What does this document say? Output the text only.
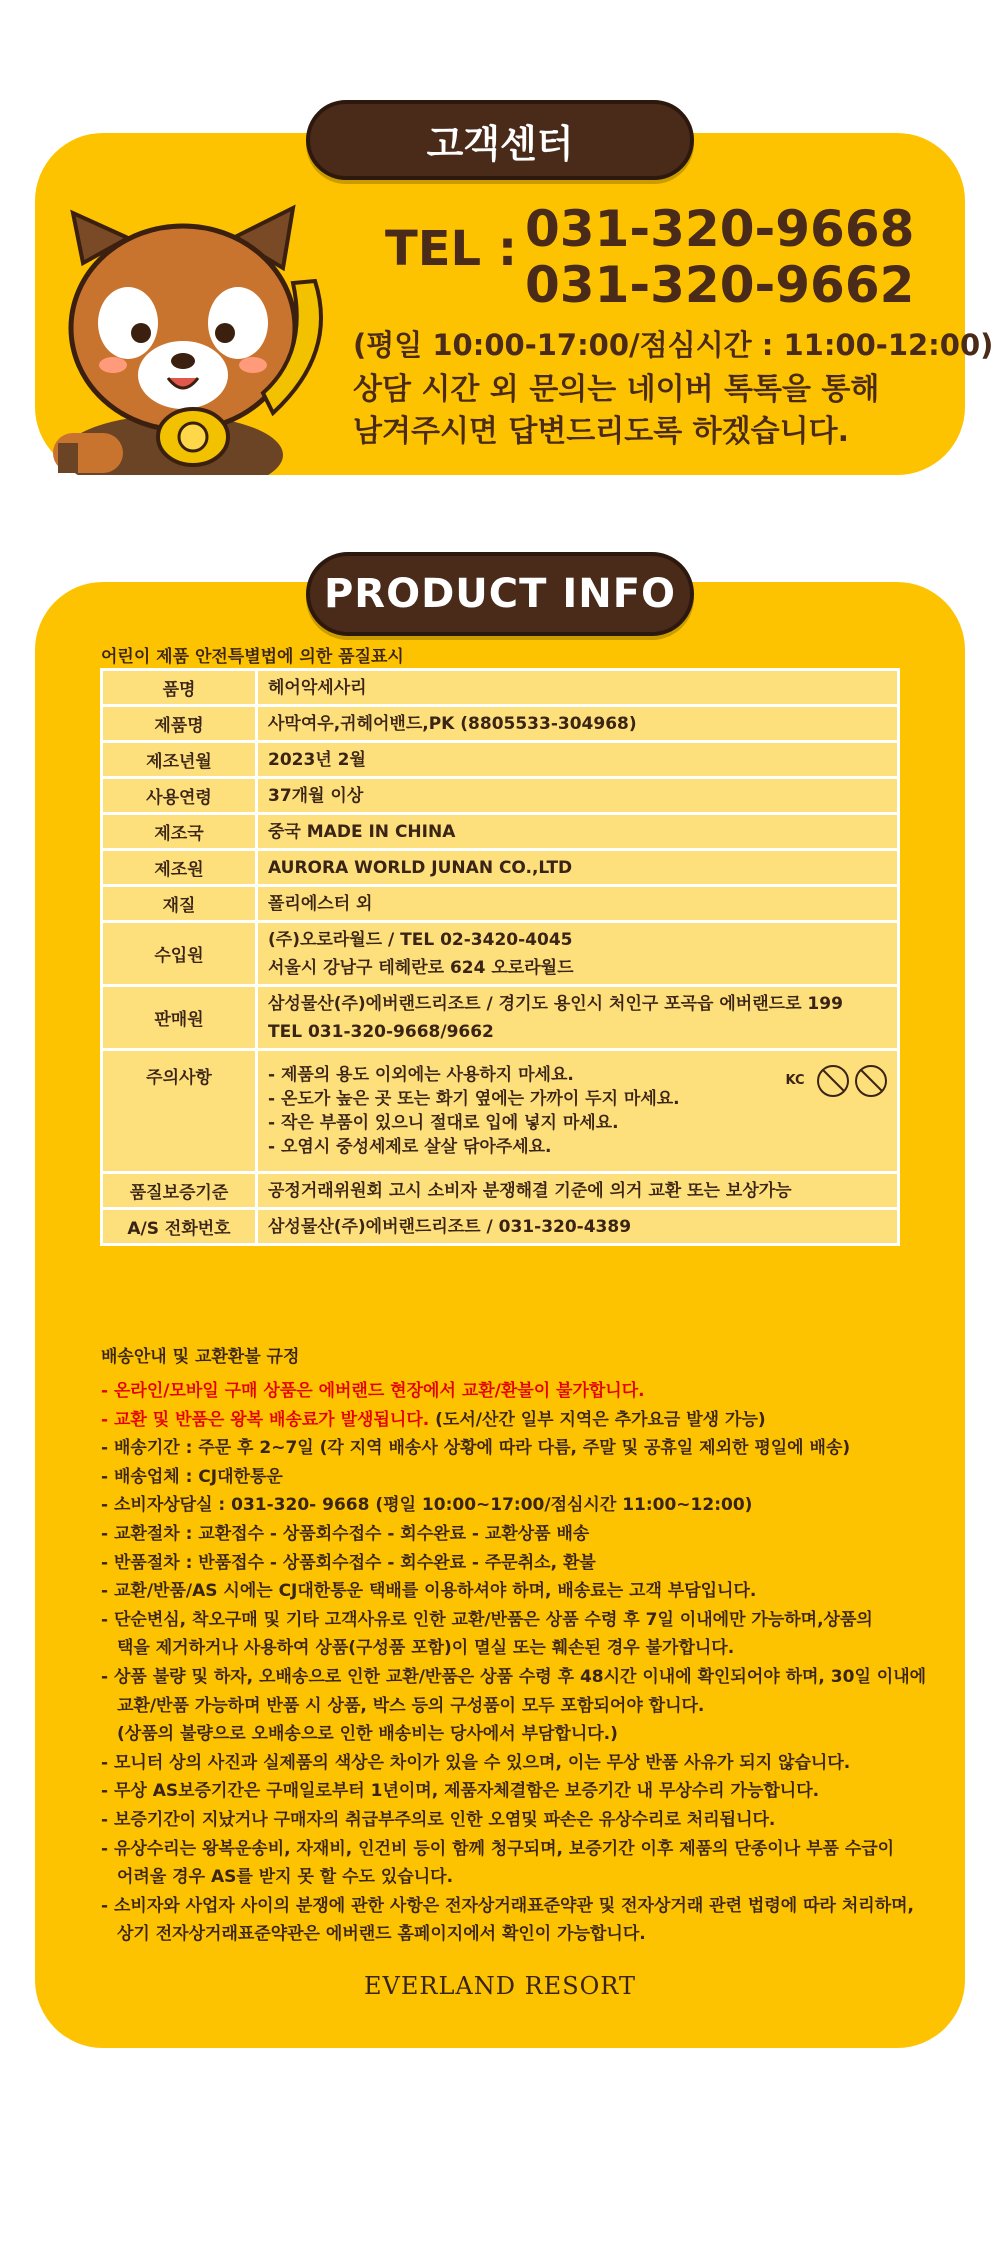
고객센터
TEL : 031-320-9668
031-320-9662
(평일 10:00-17:00/점심시간 : 11:00-12:00)
상담 시간 외 문의는 네이버 톡톡을 통해
남겨주시면 답변드리도록 하겠습니다.
PRODUCT INFO
어린이 제품 안전특별법에 의한 품질표시
품명	헤어악세사리

제품명	사막여우,귀헤어밴드,PK (8805533-304968)

제조년월	2023년 2월

사용연령	37개월 이상

제조국	중국 MADE IN CHINA

제조원	AURORA WORLD JUNAN CO.,LTD

재질	폴리에스터 외

수입원	(주)오로라월드 / TEL 02-3420-4045
서울시 강남구 테헤란로 624 오로라월드

판매원	삼성물산(주)에버랜드리조트 / 경기도 용인시 처인구 포곡읍 에버랜드로 199
TEL 031-320-9668/9662

주의사항	- 제품의 용도 이외에는 사용하지 마세요.
- 온도가 높은 곳 또는 화기 옆에는 가까이 두지 마세요.
- 작은 부품이 있으니 절대로 입에 넣지 마세요.
- 오염시 중성세제로 살살 닦아주세요.
KC

품질보증기준	공정거래위원회 고시 소비자 분쟁해결 기준에 의거 교환 또는 보상가능

A/S 전화번호	삼성물산(주)에버랜드리조트 / 031-320-4389
배송안내 및 교환환불 규정
- 온라인/모바일 구매 상품은 에버랜드 현장에서 교환/환불이 불가합니다.
- 교환 및 반품은 왕복 배송료가 발생됩니다. (도서/산간 일부 지역은 추가요금 발생 가능)
- 배송기간 : 주문 후 2~7일 (각 지역 배송사 상황에 따라 다름, 주말 및 공휴일 제외한 평일에 배송)
- 배송업체 : CJ대한통운
- 소비자상담실 : 031-320- 9668 (평일 10:00~17:00/점심시간 11:00~12:00)
- 교환절차 : 교환접수 - 상품회수접수 - 회수완료 - 교환상품 배송
- 반품절차 : 반품접수 - 상품회수접수 - 회수완료 - 주문취소, 환불
- 교환/반품/AS 시에는 CJ대한통운 택배를 이용하셔야 하며, 배송료는 고객 부담입니다.
- 단순변심, 착오구매 및 기타 고객사유로 인한 교환/반품은 상품 수령 후 7일 이내에만 가능하며,상품의
택을 제거하거나 사용하여 상품(구성품 포함)이 멸실 또는 훼손된 경우 불가합니다.
- 상품 불량 및 하자, 오배송으로 인한 교환/반품은 상품 수령 후 48시간 이내에 확인되어야 하며, 30일 이내에
교환/반품 가능하며 반품 시 상품, 박스 등의 구성품이 모두 포함되어야 합니다.
(상품의 불량으로 오배송으로 인한 배송비는 당사에서 부담합니다.)
- 모니터 상의 사진과 실제품의 색상은 차이가 있을 수 있으며, 이는 무상 반품 사유가 되지 않습니다.
- 무상 AS보증기간은 구매일로부터 1년이며, 제품자체결함은 보증기간 내 무상수리 가능합니다.
- 보증기간이 지났거나 구매자의 취급부주의로 인한 오염및 파손은 유상수리로 처리됩니다.
- 유상수리는 왕복운송비, 자재비, 인건비 등이 함께 청구되며, 보증기간 이후 제품의 단종이나 부품 수급이
어려울 경우 AS를 받지 못 할 수도 있습니다.
- 소비자와 사업자 사이의 분쟁에 관한 사항은 전자상거래표준약관 및 전자상거래 관련 법령에 따라 처리하며,
상기 전자상거래표준약관은 에버랜드 홈페이지에서 확인이 가능합니다.
EVERLAND RESORT
